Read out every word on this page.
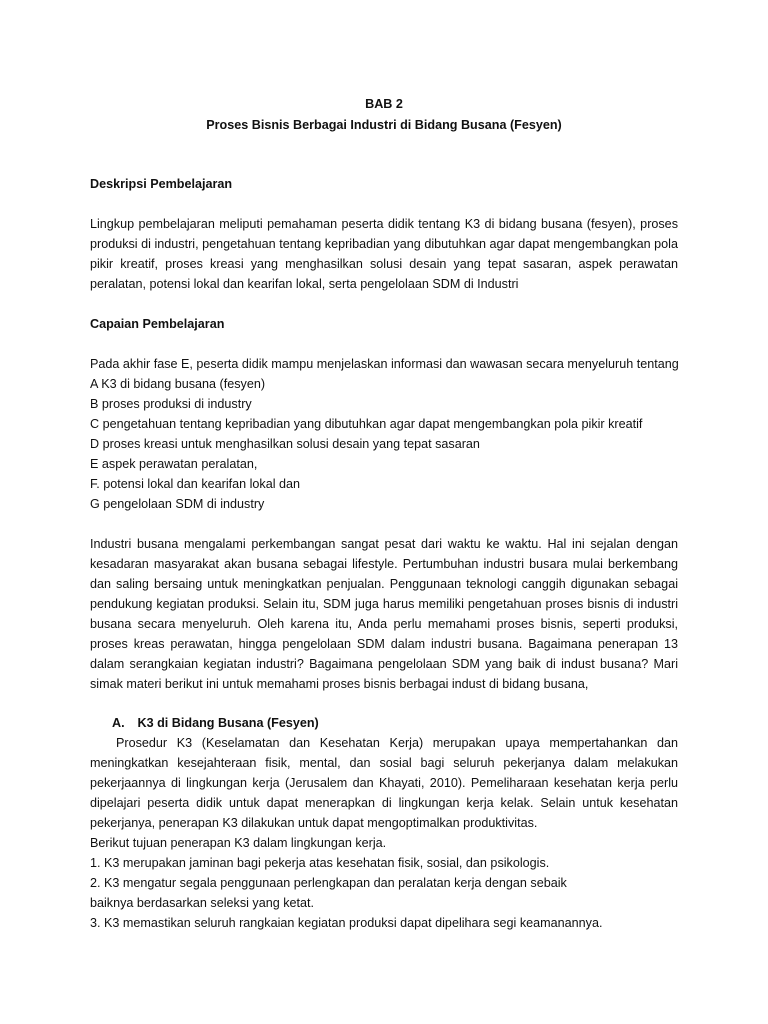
BAB 2
Proses Bisnis Berbagai Industri di Bidang Busana (Fesyen)
Deskripsi Pembelajaran

Lingkup pembelajaran meliputi pemahaman peserta didik tentang K3 di bidang busana (fesyen), proses produksi di industri, pengetahuan tentang kepribadian yang dibutuhkan agar dapat mengembangkan pola pikir kreatif, proses kreasi yang menghasilkan solusi desain yang tepat sasaran, aspek perawatan peralatan, potensi lokal dan kearifan lokal, serta pengelolaan SDM di Industri

Capaian Pembelajaran
Pada akhir fase E, peserta didik mampu menjelaskan informasi dan wawasan secara menyeluruh tentang
A K3 di bidang busana (fesyen)
B proses produksi di industry
C pengetahuan tentang kepribadian yang dibutuhkan agar dapat mengembangkan pola pikir kreatif
D proses kreasi untuk menghasilkan solusi desain yang tepat sasaran
E aspek perawatan peralatan,
F. potensi lokal dan kearifan lokal dan
G pengelolaan SDM di industry

Industri busana mengalami perkembangan sangat pesat dari waktu ke waktu. Hal ini sejalan dengan kesadaran masyarakat akan busana sebagai lifestyle. Pertumbuhan industri busara mulai berkembang dan saling bersaing untuk meningkatkan penjualan. Penggunaan teknologi canggih digunakan sebagai pendukung kegiatan produksi. Selain itu, SDM juga harus memiliki pengetahuan proses bisnis di industri busana secara menyeluruh. Oleh karena itu, Anda perlu memahami proses bisnis, seperti produksi, proses kreas perawatan, hingga pengelolaan SDM dalam industri busana. Bagaimana penerapan 13 dalam serangkaian kegiatan industri? Bagaimana pengelolaan SDM yang baik di indust busana? Mari simak materi berikut ini untuk memahami proses bisnis berbagai indust di bidang busana,

A. K3 di Bidang Busana (Fesyen)

Prosedur K3 (Keselamatan dan Kesehatan Kerja) merupakan upaya mempertahankan dan meningkatkan kesejahteraan fisik, mental, dan sosial bagi seluruh pekerjanya dalam melakukan pekerjaannya di lingkungan kerja (Jerusalem dan Khayati, 2010). Pemeliharaan kesehatan kerja perlu dipelajari peserta didik untuk dapat menerapkan di lingkungan kerja kelak. Selain untuk kesehatan pekerjanya, penerapan K3 dilakukan untuk dapat mengoptimalkan produktivitas.

Berikut tujuan penerapan K3 dalam lingkungan kerja.
1. K3 merupakan jaminan bagi pekerja atas kesehatan fisik, sosial, dan psikologis.
2. K3 mengatur segala penggunaan perlengkapan dan peralatan kerja dengan sebaik baiknya berdasarkan seleksi yang ketat.
3. K3 memastikan seluruh rangkaian kegiatan produksi dapat dipelihara segi keamanannya.
